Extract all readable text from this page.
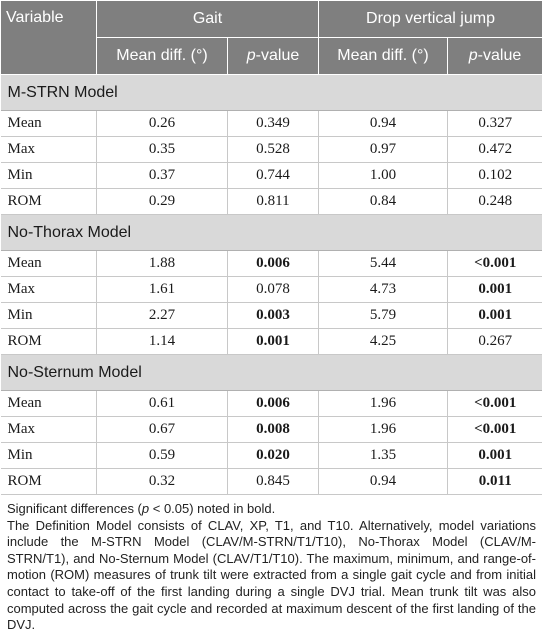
Variable	Gait		Drop vertical jump	
	Mean diff. (°)	p-value	Mean diff. (°)	p-value
M-STRN Model				
Mean	0.26	0.349	0.94	0.327
Max	0.35	0.528	0.97	0.472
Min	0.37	0.744	1.00	0.102
ROM	0.29	0.811	0.84	0.248
No-Thorax Model				
Mean	1.88	0.006	5.44	<0.001
Max	1.61	0.078	4.73	0.001
Min	2.27	0.003	5.79	0.001
ROM	1.14	0.001	4.25	0.267
No-Sternum Model				
Mean	0.61	0.006	1.96	<0.001
Max	0.67	0.008	1.96	<0.001
Min	0.59	0.020	1.35	0.001
ROM	0.32	0.845	0.94	0.011

Significant differences (p < 0.05) noted in bold.

The Definition Model consists of CLAV, XP, T1, and T10. Alternatively, model variations include the M-STRN Model (CLAV/M-STRN/T1/T10), No-Thorax Model (CLAV/M-STRN/T1), and No-Sternum Model (CLAV/T1/T10). The maximum, minimum, and range-of-motion (ROM) measures of trunk tilt were extracted from a single gait cycle and from initial contact to take-off of the first landing during a single DVJ trial. Mean trunk tilt was also computed across the gait cycle and recorded at maximum descent of the first landing of the DVJ.
